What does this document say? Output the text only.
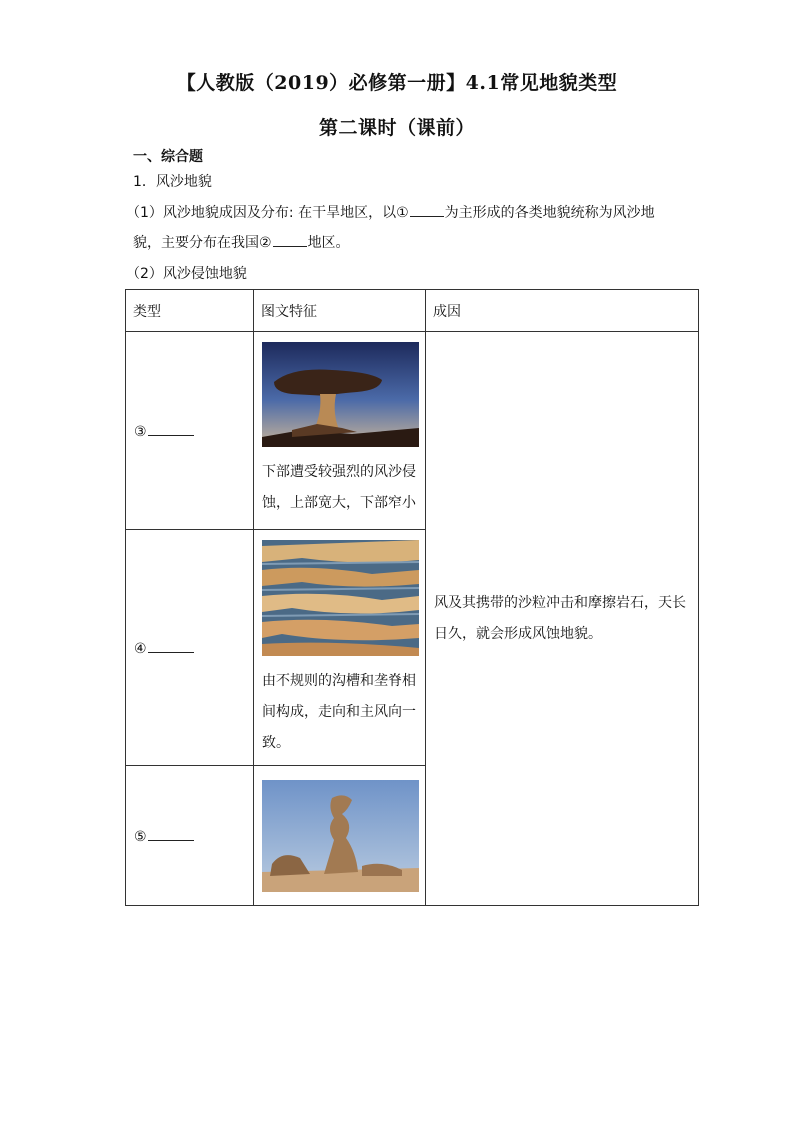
【人教版（2019）必修第一册】4.1常见地貌类型
第二课时（课前）
一、综合题
1．风沙地貌
（1）风沙地貌成因及分布: 在干旱地区，以①	为主形成的各类地貌统称为风沙地
貌，主要分布在我国②	地区。
（2）风沙侵蚀地貌
类型	图文特征	成因
③	下部遭受较强烈的风沙侵蚀，上部宽大，下部窄小	风及其携带的沙粒冲击和摩擦岩石，天长日久，就会形成风蚀地貌。
④	由不规则的沟槽和垄脊相间构成，走向和主风向一致。	

⑤	
